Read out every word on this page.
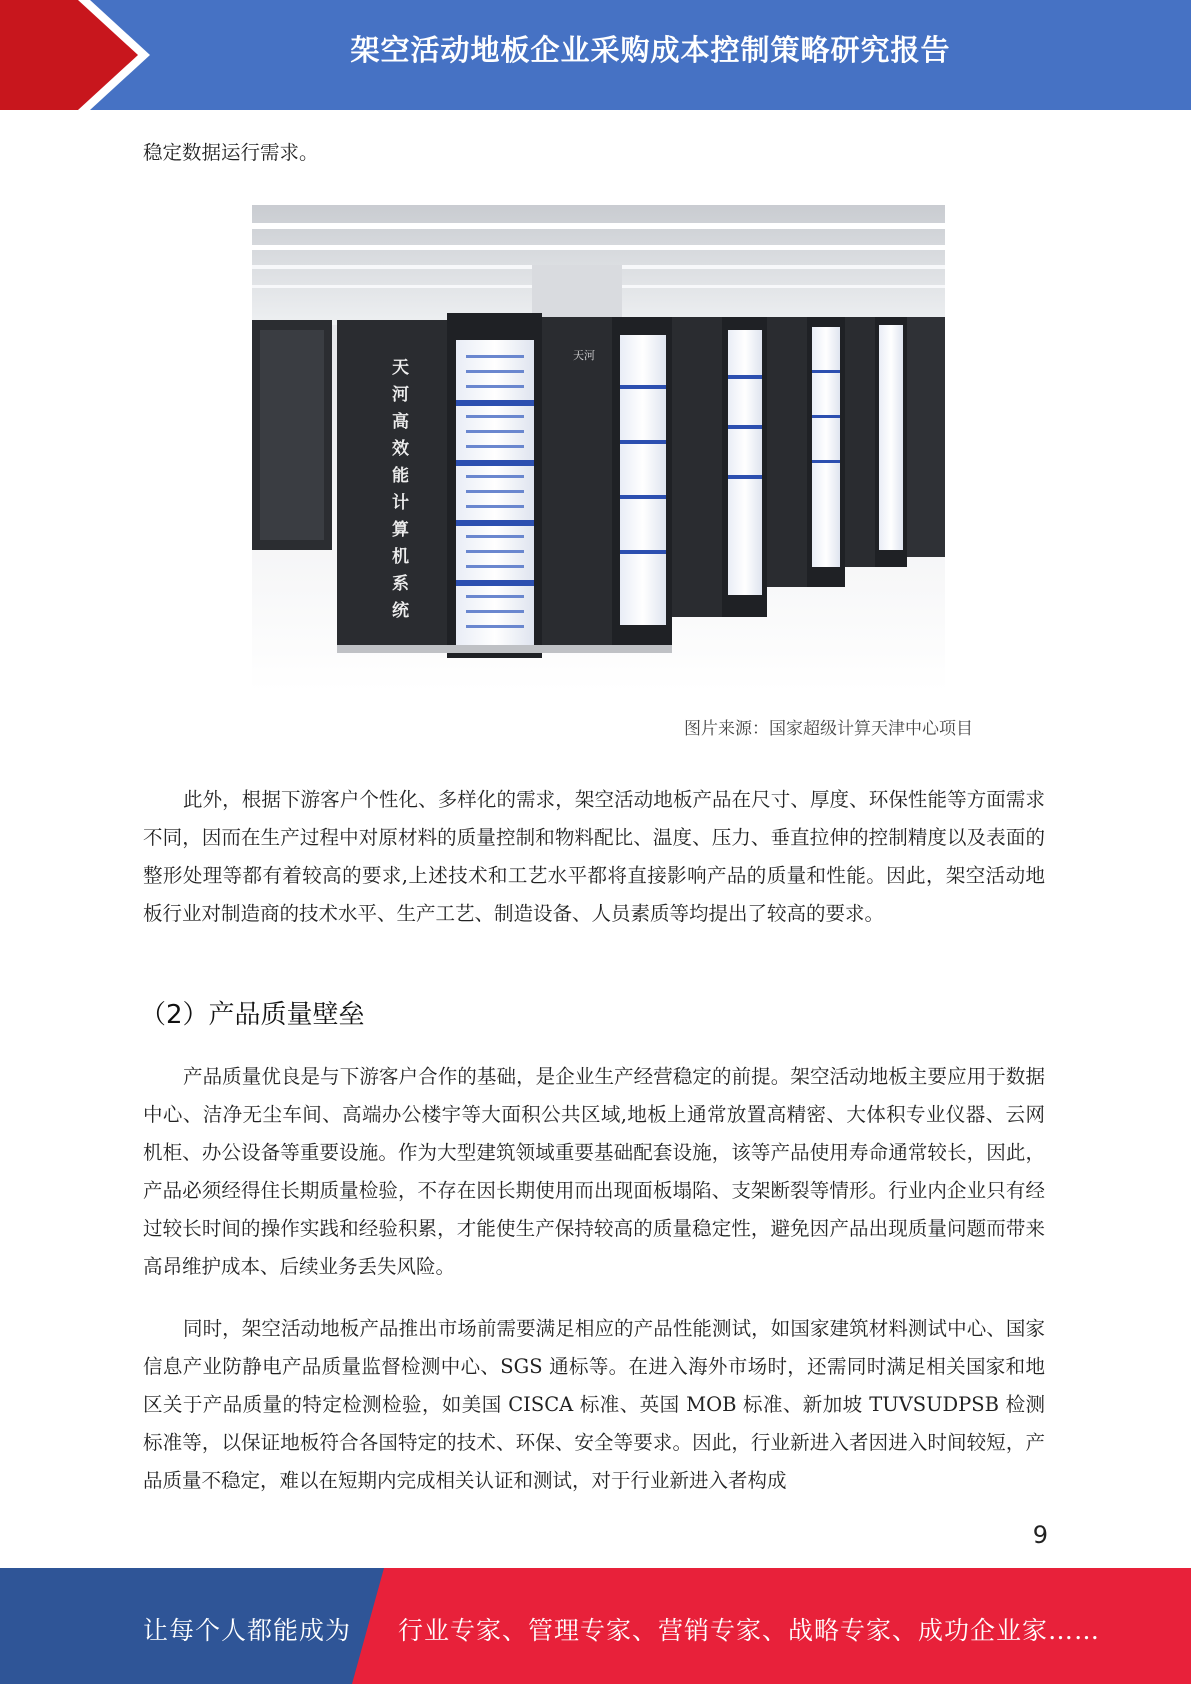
架空活动地板企业采购成本控制策略研究报告

稳定数据运行需求。

天河高效能计算机系统
天河
图片来源：国家超级计算天津中心项目

此外，根据下游客户个性化、多样化的需求，架空活动地板产品在尺寸、厚度、环保性能等方面需求不同，因而在生产过程中对原材料的质量控制和物料配比、温度、压力、垂直拉伸的控制精度以及表面的整形处理等都有着较高的要求,上述技术和工艺水平都将直接影响产品的质量和性能。因此，架空活动地板行业对制造商的技术水平、生产工艺、制造设备、人员素质等均提出了较高的要求。

（2）产品质量壁垒

产品质量优良是与下游客户合作的基础，是企业生产经营稳定的前提。架空活动地板主要应用于数据中心、洁净无尘车间、高端办公楼宇等大面积公共区域,地板上通常放置高精密、大体积专业仪器、云网机柜、办公设备等重要设施。作为大型建筑领域重要基础配套设施，该等产品使用寿命通常较长，因此，产品必须经得住长期质量检验，不存在因长期使用而出现面板塌陷、支架断裂等情形。行业内企业只有经过较长时间的操作实践和经验积累，才能使生产保持较高的质量稳定性，避免因产品出现质量问题而带来高昂维护成本、后续业务丢失风险。

同时，架空活动地板产品推出市场前需要满足相应的产品性能测试，如国家建筑材料测试中心、国家信息产业防静电产品质量监督检测中心、SGS 通标等。在进入海外市场时，还需同时满足相关国家和地区关于产品质量的特定检测检验，如美国 CISCA 标准、英国 MOB 标准、新加坡 TUVSUDPSB 检测标准等，以保证地板符合各国特定的技术、环保、安全等要求。因此，行业新进入者因进入时间较短，产品质量不稳定，难以在短期内完成相关认证和测试，对于行业新进入者构成

9
让每个人都能成为 行业专家、管理专家、营销专家、战略专家、成功企业家……
